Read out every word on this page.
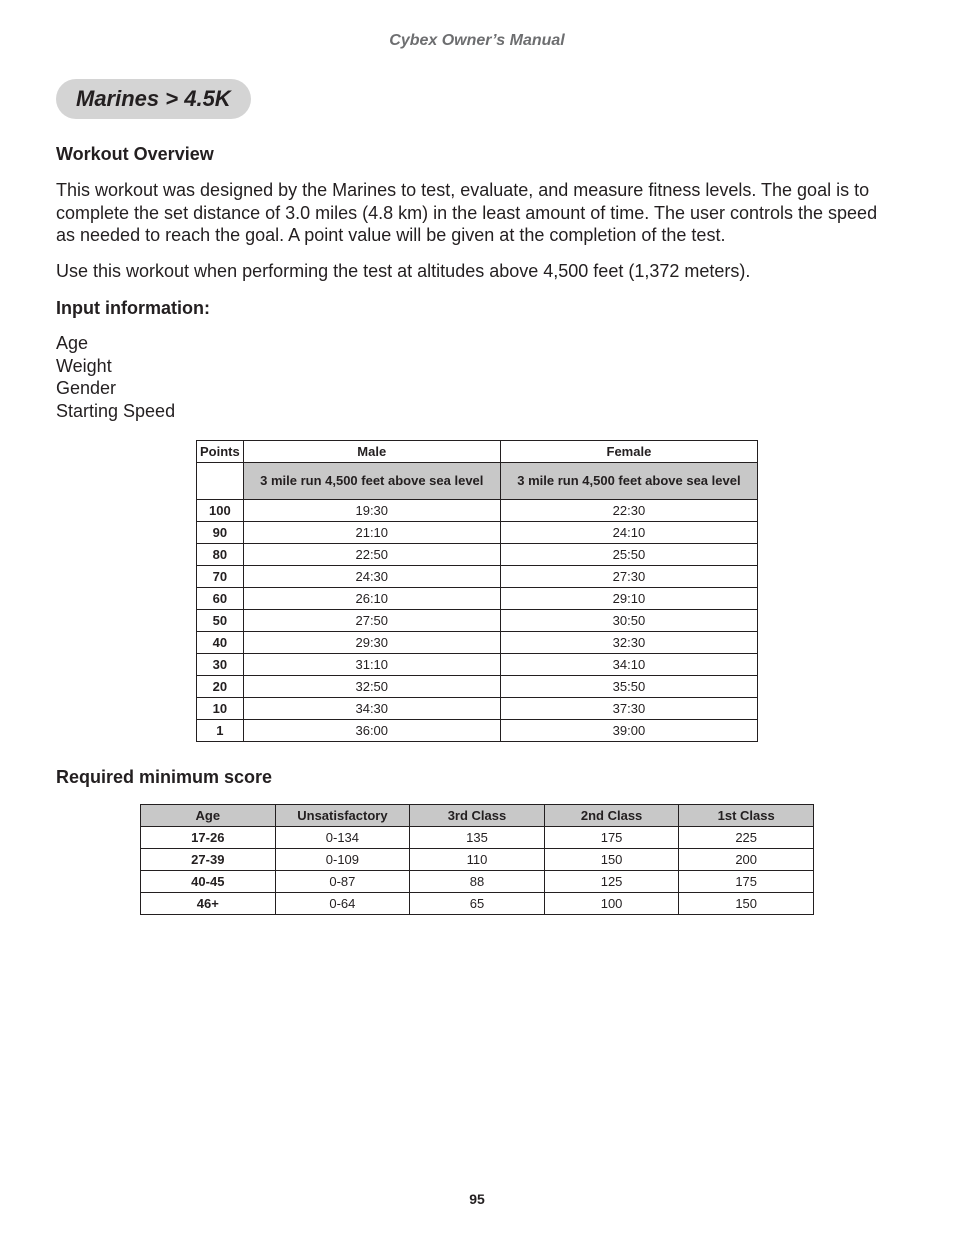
Cybex Owner’s Manual
Marines > 4.5K
Workout Overview

This workout was designed by the Marines to test, evaluate, and measure fitness levels. The goal is to complete the set distance of 3.0 miles (4.8 km) in the least amount of time. The user controls the speed as needed to reach the goal. A point value will be given at the completion of the test.

Use this workout when performing the test at altitudes above 4,500 feet (1,372 meters).

Input information:
Age
Weight
Gender
Starting Speed
Points	Male	Female
	3 mile run 4,500 feet above sea level	3 mile run 4,500 feet above sea level
100	19:30	22:30
90	21:10	24:10
80	22:50	25:50
70	24:30	27:30
60	26:10	29:10
50	27:50	30:50
40	29:30	32:30
30	31:10	34:10
20	32:50	35:50
10	34:30	37:30
1	36:00	39:00
Required minimum score
Age	Unsatisfactory	3rd Class	2nd Class	1st Class
17-26	0-134	135	175	225
27-39	0-109	110	150	200
40-45	0-87	88	125	175
46+	0-64	65	100	150
95
